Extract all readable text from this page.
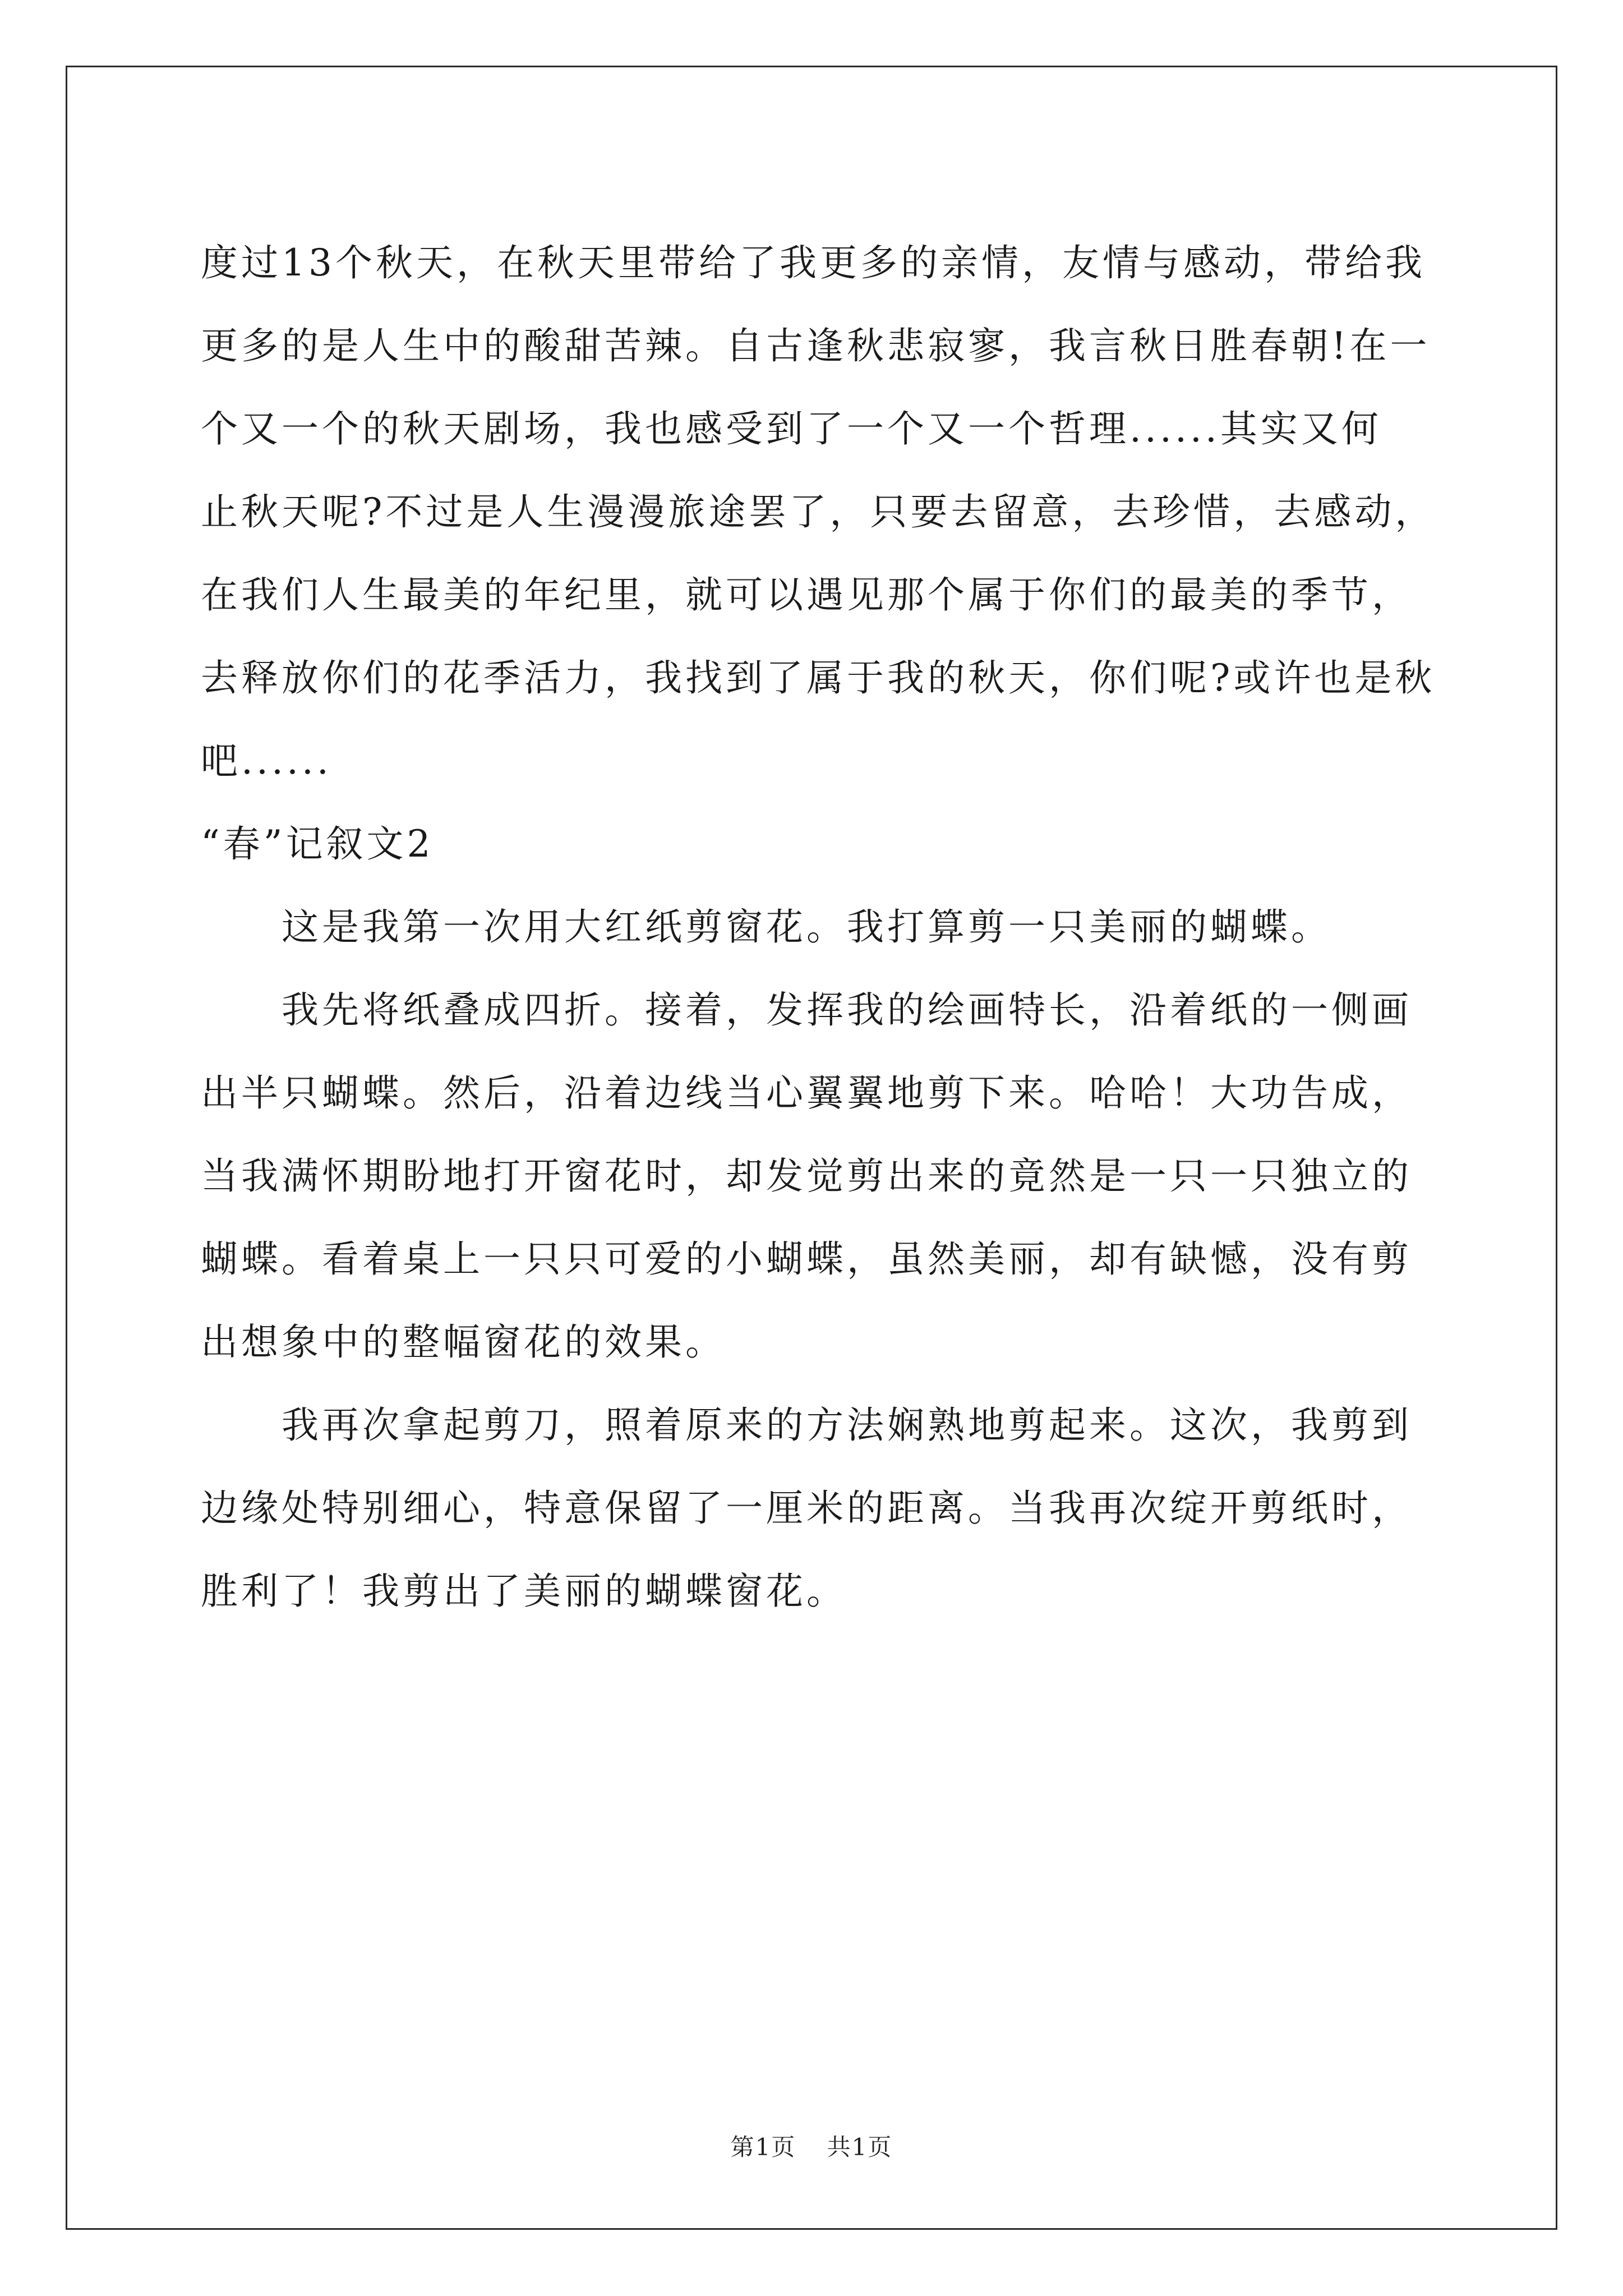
度过13个秋天，在秋天里带给了我更多的亲情，友情与感动，带给我
更多的是人生中的酸甜苦辣。自古逢秋悲寂寥，我言秋日胜春朝!在一
个又一个的秋天剧场，我也感受到了一个又一个哲理......其实又何
止秋天呢?不过是人生漫漫旅途罢了，只要去留意，去珍惜，去感动，
在我们人生最美的年纪里，就可以遇见那个属于你们的最美的季节，
去释放你们的花季活力，我找到了属于我的秋天，你们呢?或许也是秋
吧......
“春”记叙文2
这是我第一次用大红纸剪窗花。我打算剪一只美丽的蝴蝶。
我先将纸叠成四折。接着，发挥我的绘画特长，沿着纸的一侧画
出半只蝴蝶。然后，沿着边线当心翼翼地剪下来。哈哈！大功告成，
当我满怀期盼地打开窗花时，却发觉剪出来的竟然是一只一只独立的
蝴蝶。看着桌上一只只可爱的小蝴蝶，虽然美丽，却有缺憾，没有剪
出想象中的整幅窗花的效果。
我再次拿起剪刀，照着原来的方法娴熟地剪起来。这次，我剪到
边缘处特别细心，特意保留了一厘米的距离。当我再次绽开剪纸时，
胜利了！我剪出了美丽的蝴蝶窗花。
第1页 共1页
